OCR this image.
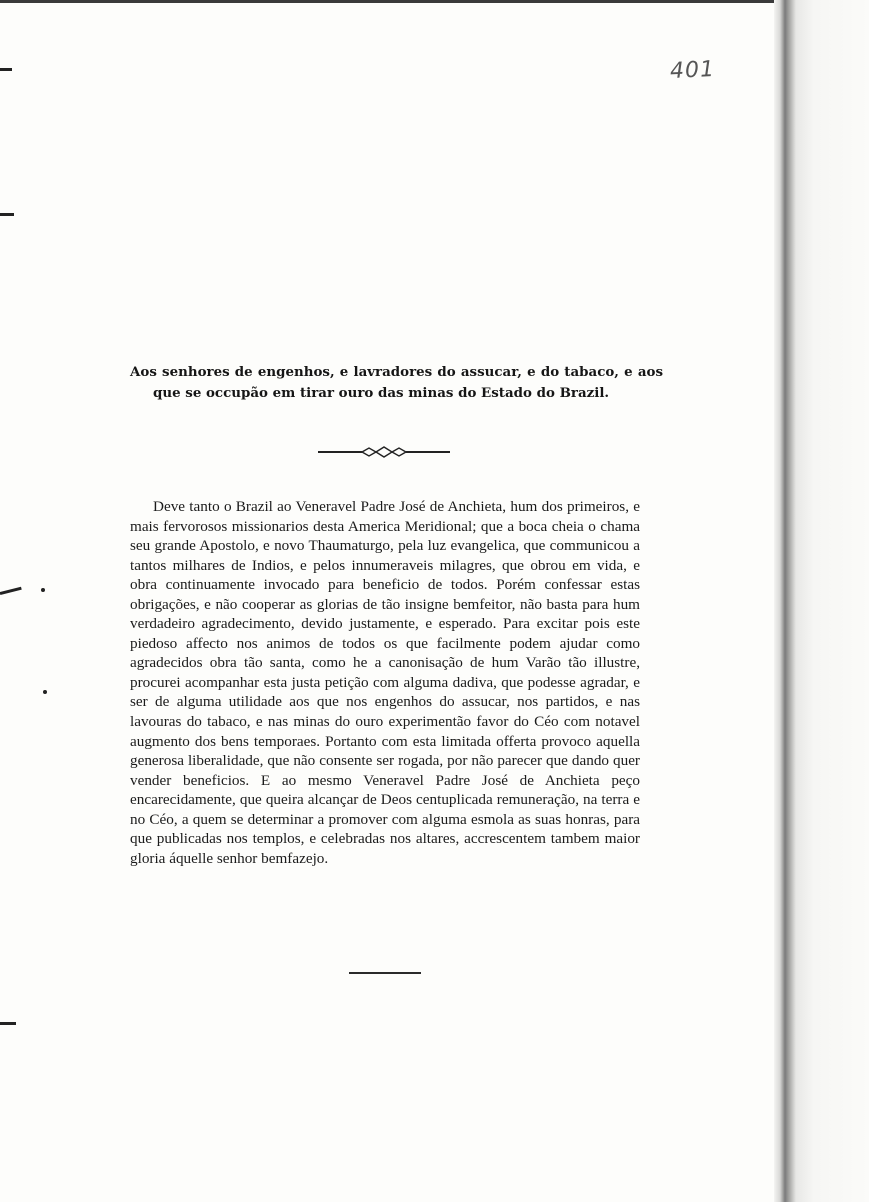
401
Aos senhores de engenhos, e lavradores do assucar, e do tabaco, e aos que se occupão em tirar ouro das minas do Estado do Brazil.
Deve tanto o Brazil ao Veneravel Padre José de Anchieta, hum dos primeiros, e mais fervorosos missionarios desta America Meridional; que a boca cheia o chama seu grande Apostolo, e novo Thaumaturgo, pela luz evangelica, que communicou a tantos milhares de Indios, e pelos innumeraveis milagres, que obrou em vida, e obra continuamente invocado para beneficio de todos. Porém confessar estas obrigações, e não cooperar as glorias de tão insigne bemfeitor, não basta para hum verdadeiro agradecimento, devido justamente, e esperado. Para excitar pois este piedoso affecto nos animos de todos os que facilmente podem ajudar como agradecidos obra tão santa, como he a canonisação de hum Varão tão illustre, procurei acompanhar esta justa petição com alguma dadiva, que podesse agradar, e ser de alguma utilidade aos que nos engenhos do assucar, nos partidos, e nas lavouras do tabaco, e nas minas do ouro experimentão favor do Céo com notavel augmento dos bens temporaes. Portanto com esta limitada offerta provoco aquella generosa liberalidade, que não consente ser rogada, por não parecer que dando quer vender beneficios. E ao mesmo Veneravel Padre José de Anchieta peço encarecidamente, que queira alcançar de Deos centuplicada remuneração, na terra e no Céo, a quem se determinar a promover com alguma esmola as suas honras, para que publicadas nos templos, e celebradas nos altares, accrescentem tambem maior gloria áquelle senhor bemfazejo.
